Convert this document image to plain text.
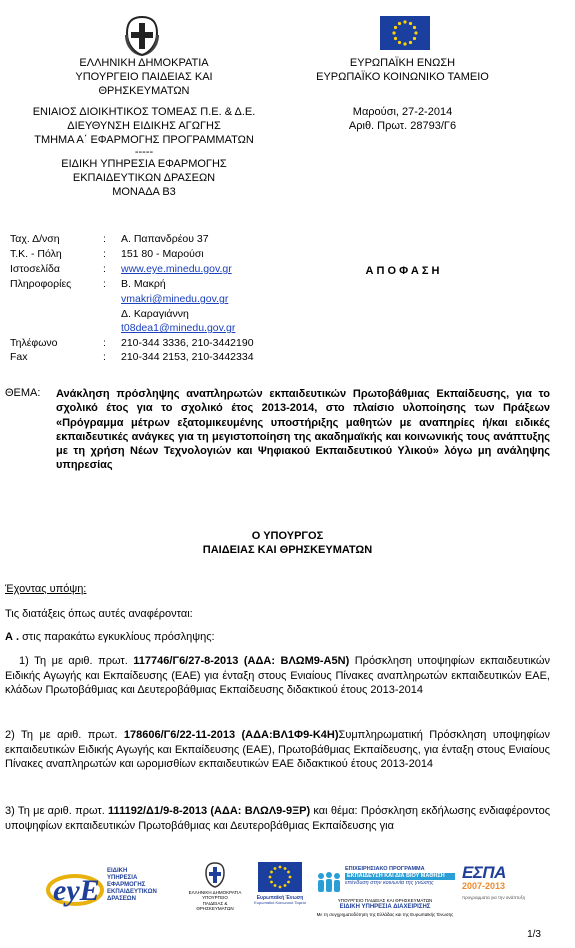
ΕΛΛΗΝΙΚΗ ΔΗΜΟΚΡΑΤΙΑ
ΥΠΟΥΡΓΕΙΟ ΠΑΙΔΕΙΑΣ ΚΑΙ ΘΡΗΣΚΕΥΜΑΤΩΝ
ΕΝΙΑΙΟΣ ΔΙΟΙΚΗΤΙΚΟΣ ΤΟΜΕΑΣ Π.Ε. & Δ.Ε.
ΔΙΕΥΘΥΝΣΗ ΕΙΔΙΚΗΣ ΑΓΩΓΗΣ
ΤΜΗΜΑ Α΄ ΕΦΑΡΜΟΓΗΣ ΠΡΟΓΡΑΜΜΑΤΩΝ
-----
ΕΙΔΙΚΗ ΥΠΗΡΕΣΙΑ ΕΦΑΡΜΟΓΗΣ
ΕΚΠΑΙΔΕΥΤΙΚΩΝ ΔΡΑΣΕΩΝ
ΜΟΝΑΔΑ Β3
ΕΥΡΩΠΑΪΚΗ ΕΝΩΣΗ
ΕΥΡΩΠΑΪΚΟ ΚΟΙΝΩΝΙΚΟ ΤΑΜΕΙΟ
Μαρούσι, 27-2-2014
Αριθ. Πρωτ. 28793/Γ6
Α Π Ο Φ Α Σ Η
Ταχ. Δ/νση	: Α. Παπανδρέου 37
Τ.Κ. - Πόλη	: 151 80 - Μαρούσι
Ιστοσελίδα	: www.eye.minedu.gov.gr
Πληροφορίες	: Β. Μακρή
vmakri@minedu.gov.gr
Δ. Καραγιάννη
t08dea1@minedu.gov.gr
Τηλέφωνο	: 210-344 3336, 210-3442190
Fax	: 210-344 2153, 210-3442334
ΘΕΜΑ: Ανάκληση πρόσληψης αναπληρωτών εκπαιδευτικών Πρωτοβάθμιας Εκπαίδευσης, για το σχολικό έτος για το σχολικό έτος 2013-2014, στο πλαίσιο υλοποίησης των Πράξεων «Πρόγραμμα μέτρων εξατομικευμένης υποστήριξης μαθητών με αναπηρίες ή/και ειδικές εκπαιδευτικές ανάγκες για τη μεγιστοποίηση της ακαδημαϊκής και κοινωνικής τους ανάπτυξης με τη χρήση Νέων Τεχνολογιών και Ψηφιακού Εκπαιδευτικού Υλικού» λόγω μη ανάληψης υπηρεσίας
Ο ΥΠΟΥΡΓΟΣ
ΠΑΙΔΕΙΑΣ ΚΑΙ ΘΡΗΣΚΕΥΜΑΤΩΝ
Έχοντας υπόψη:
Τις διατάξεις όπως αυτές αναφέρονται:
Α . στις παρακάτω εγκυκλίους πρόσληψης:
1) Τη με αριθ. πρωτ. 117746/Γ6/27-8-2013 (ΑΔΑ: ΒΛΩΜ9-Α5Ν) Πρόσκληση υποψηφίων εκπαιδευτικών Ειδικής Αγωγής και Εκπαίδευσης (ΕΑΕ) για ένταξη στους Ενιαίους Πίνακες αναπληρωτών εκπαιδευτικών ΕΑΕ, κλάδων Πρωτοβάθμιας και Δευτεροβάθμιας Εκπαίδευσης διδακτικού έτους 2013-2014
2) Τη με αριθ. πρωτ. 178606/Γ6/22-11-2013 (ΑΔΑ:ΒΛ1Φ9-Κ4Η)Συμπληρωματική Πρόσκληση υποψηφίων εκπαιδευτικών Ειδικής Αγωγής και Εκπαίδευσης (ΕΑΕ), Πρωτοβάθμιας Εκπαίδευσης, για ένταξη στους Ενιαίους Πίνακες αναπληρωτών και ωρομισθίων εκπαιδευτικών ΕΑΕ διδακτικού έτους 2013-2014
3) Τη με αριθ. πρωτ. 111192/Δ1/9-8-2013 (ΑΔΑ: ΒΛΩΛ9-9ΞΡ) και θέμα: Πρόσκληση εκδήλωσης ενδιαφέροντος υποψηφίων εκπαιδευτικών Πρωτοβάθμιας και Δευτεροβάθμιας Εκπαίδευσης για
eyE
ΕΙΔΙΚΗ
ΥΠΗΡΕΣΙΑ
ΕΦΑΡΜΟΓΗΣ
ΕΚΠΑΙΔΕΥΤΙΚΩΝ
ΔΡΑΣΕΩΝ
ΕΛΛΗΝΙΚΗ ΔΗΜΟΚΡΑΤΙΑ
ΥΠΟΥΡΓΕΙΟ
ΠΑΙΔΕΙΑΣ &
ΘΡΗΣΚΕΥΜΑΤΩΝ
Ευρωπαϊκή Ένωση
Ευρωπαϊκό Κοινωνικό Ταμείο
ΕΠΙΧΕΙΡΗΣΙΑΚΟ ΠΡΟΓΡΑΜΜΑ
ΕΚΠΑΙΔΕΥΣΗ ΚΑΙ ΔΙΑ ΒΙΟΥ ΜΑΘΗΣΗ
επένδυση στην κοινωνία της γνώσης
ΥΠΟΥΡΓΕΙΟ ΠΑΙΔΕΙΑΣ ΚΑΙ ΘΡΗΣΚΕΥΜΑΤΩΝ
ΕΙΔΙΚΗ ΥΠΗΡΕΣΙΑ ΔΙΑΧΕΙΡΙΣΗΣ
Με τη συγχρηματοδότηση της Ελλάδας και της Ευρωπαϊκής Ένωσης
ΕΣΠΑ
2007-2013
προγραμματα για την ανάπτυξη
1/3
